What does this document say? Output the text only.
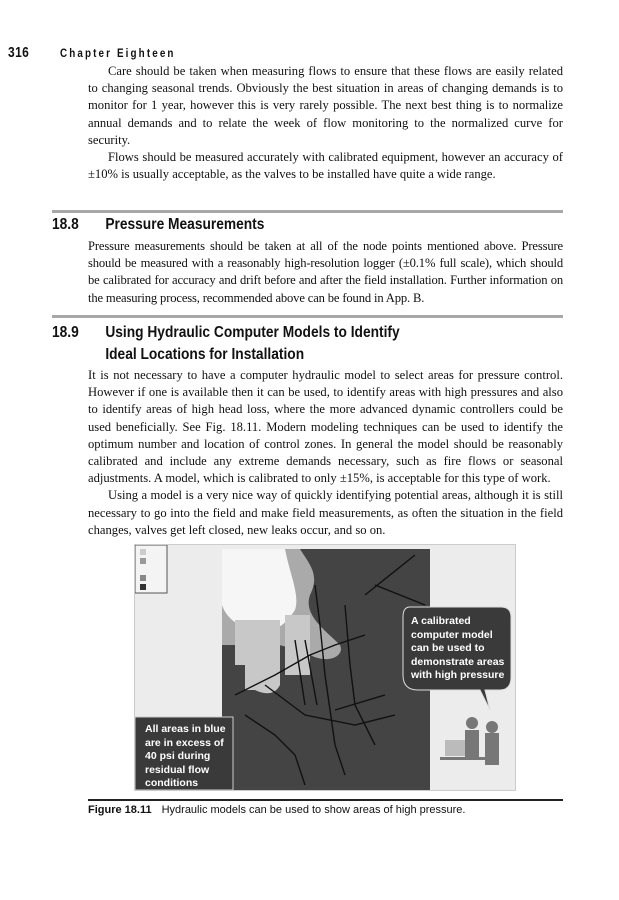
316	Chapter Eighteen

Care should be taken when measuring flows to ensure that these flows are easily related to changing seasonal trends. Obviously the best situation in areas of changing demands is to monitor for 1 year, however this is very rarely possible. The next best thing is to normalize annual demands and to relate the week of flow monitoring to the normalized curve for security.

Flows should be measured accurately with calibrated equipment, however an accuracy of ±10% is usually acceptable, as the valves to be installed have quite a wide range.

18.8 Pressure Measurements

Pressure measurements should be taken at all of the node points mentioned above. Pressure should be measured with a reasonably high-resolution logger (±0.1% full scale), which should be calibrated for accuracy and drift before and after the field installation. Further information on the measuring process, recommended above can be found in App. B.

18.9 Using Hydraulic Computer Models to Identify
Ideal Locations for Installation

It is not necessary to have a computer hydraulic model to select areas for pressure control. However if one is available then it can be used, to identify areas with high pressures and also to identify areas of high head loss, where the more advanced dynamic controllers could be used beneficially. See Fig. 18.11. Modern modeling techniques can be used to identify the optimum number and location of control zones. In general the model should be reasonably calibrated and include any extreme demands necessary, such as fire flows or seasonal adjustments. A model, which is calibrated to only ±15%, is acceptable for this type of work.

Using a model is a very nice way of quickly identifying potential areas, although it is still necessary to go into the field and make field measurements, as often the situation in the field changes, valves get left closed, new leaks occur, and so on.

All areas in blue
are in excess of
40 psi during
residual flow
conditions
A calibrated
computer model
can be used to
demonstrate areas
with high pressure
Figure 18.11 Hydraulic models can be used to show areas of high pressure.
